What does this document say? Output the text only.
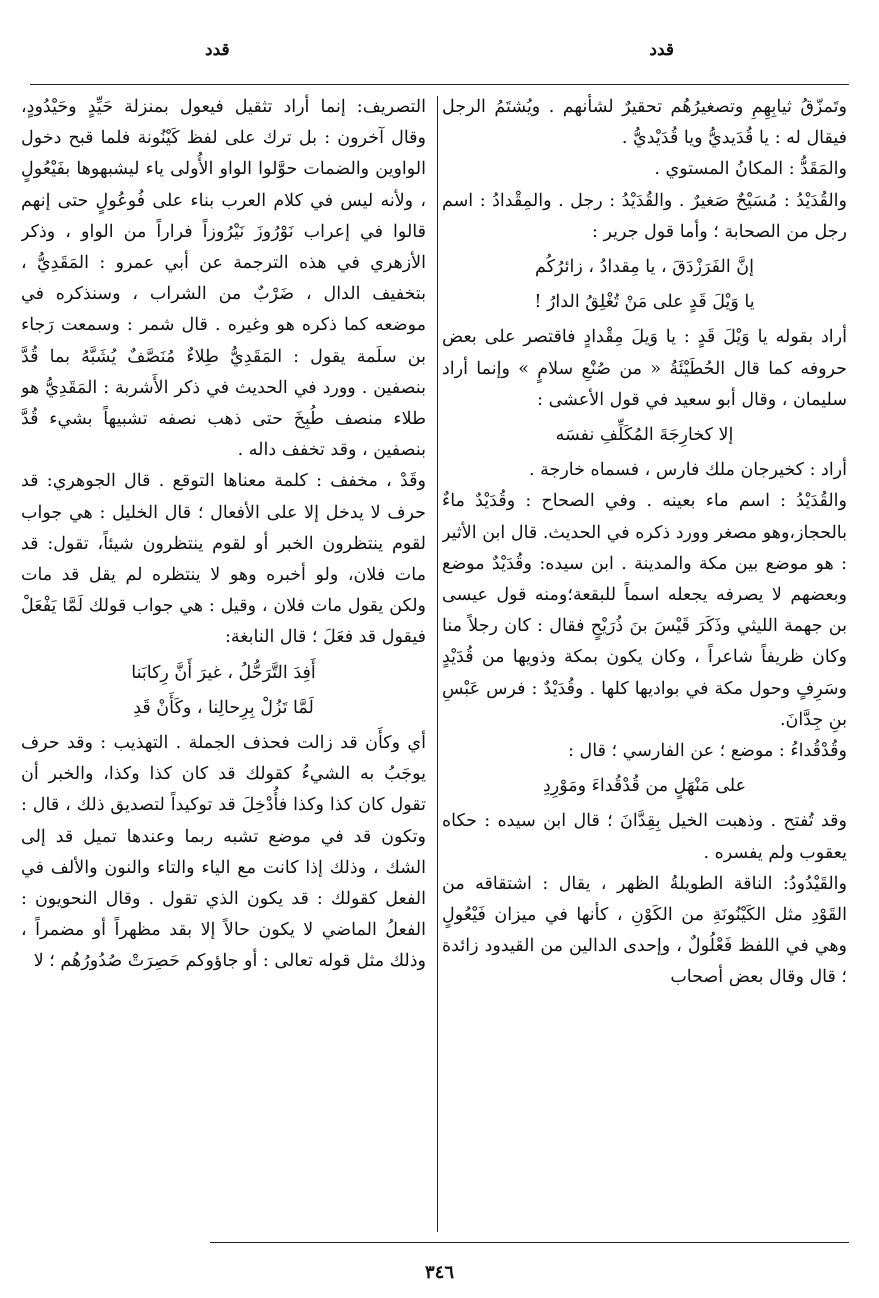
قدد
قدد

وتَمزّقُ ثيابِهِمِ وتصغيرُهُم تحقيرٌ لشأنهم . ويُشتَمُ الرجل فيقال له : يا قُدَيديُّ ويا قُدَيْديُّ .

والمَقَدُّ : المكانُ المستوي .

والقُدَيْدُ : مُسَيْحٌ صَغيرٌ . والقُدَيْدُ : رجل . والمِقْدادُ : اسم رجل من الصحابة ؛ وأما قول جرير :

إنَّ الفَرَزْدَقَ ، يا مِقدادُ ، زائرُكُم

يا وَيْلَ قَدٍ على مَنْ تُغْلِقُ الدارُ !

أراد بقوله يا وَيْلَ قَدٍ : يا وَيلَ مِقْدادٍ فاقتصر على بعض حروفه كما قال الحُطَيْئَةُ « من صُنْعِ سلامٍ » وإنما أراد سليمان ، وقال أبو سعيد في قول الأعشى :

إلا كخارِجَةَ المُكَلِّفِ نفسَه

أراد : كخيرجان ملك فارس ، فسماه خارجة .

والقُدَيْدُ : اسم ماء بعينه . وفي الصحاح : وقُدَيْدٌ ماءٌ بالحجاز،وهو مصغر وورد ذكره في الحديث. قال ابن الأثير : هو موضع بين مكة والمدينة . ابن سيده: وقُدَيْدٌ موضع وبعضهم لا يصرفه يجعله اسماً للبقعة؛ومنه قول عيسى بن جهمة الليثي وذَكَرَ قَيْسَ بنَ ذُرَيْحٍ فقال : كان رجلاً منا وكان ظريفاً شاعراً ، وكان يكون بمكة وذويها من قُدَيْدٍ وسَرِفٍ وحول مكة في بواديها كلها . وقُدَيْدٌ : فرس عَبْسِ بنِ جِدَّانَ.

وقُدْقُداءُ : موضع ؛ عن الفارسي ؛ قال :

على مَنْهَلٍ من قُدْقُداءَ ومَوْرِدِ

وقد تُفتح . وذهبت الخيل بِقِدَّانَ ؛ قال ابن سيده : حكاه يعقوب ولم يفسره .

والقَيْدُودُ: الناقة الطويلةُ الظهر ، يقال : اشتقاقه من القَوْدِ مثل الكَيْنُونَةِ من الكَوْنِ ، كأنها في ميزان فَيْعُولٍ وهي في اللفظ فَعْلُولٌ ، وإحدى الدالين من القيدود زائدة ؛ قال وقال بعض أصحاب

التصريف: إنما أراد تثقيل فيعول بمنزلة حَيِّدٍ وحَيْدُودٍ، وقال آخرون : بل ترك على لفظ كَيْنُونة فلما قبح دخول الواوين والضمات حوَّلوا الواو الأُولى ياء ليشبهوها بفَيْعُولٍ ، ولأنه ليس في كلام العرب بناء على فُوعُولٍ حتى إنهم قالوا في إعراب نَوْرُوزَ نَيْرُوزاً فراراً من الواو ، وذكر الأزهري في هذه الترجمة عن أبي عمرو : المَقَدِيُّ ، بتخفيف الدال ، ضَرْبٌ من الشراب ، وسنذكره في موضعه كما ذكره هو وغيره . قال شمر : وسمعت رَجاء بن سلَمة يقول : المَقَدِيُّ طِلاءٌ مُنَصَّفٌ يُشَبَّهُ بما قُدَّ بنصفين . وورد في الحديث في ذكر الأَشربة : المَقَدِيُّ هو طلاء منصف طُبِخَ حتى ذهب نصفه تشبيهاً بشيء قُدَّ بنصفين ، وقد تخفف داله .

وقَدْ ، مخفف : كلمة معناها التوقع . قال الجوهري: قد حرف لا يدخل إلا على الأفعال ؛ قال الخليل : هي جواب لقوم ينتظرون الخبر أو لقوم ينتظرون شيئاً، تقول: قد مات فلان، ولو أخبره وهو لا ينتظره لم يقل قد مات ولكن يقول مات فلان ، وقيل : هي جواب قولك لَمَّا يَفْعَلْ فيقول قد فعَلَ ؛ قال النابغة:

أَفِدَ التَّرَحُّلُ ، غيرَ أَنَّ رِكابَنا

لَمَّا تَزُلْ بِرِحالِنا ، وكَأَنْ قَدِ

أي وكأَن قد زالت فحذف الجملة . التهذيب : وقد حرف يوجَبُ به الشيءُ كقولك قد كان كذا وكذا، والخبر أن تقول كان كذا وكذا فأُدْخِلَ قد توكيداً لتصديق ذلك ، قال : وتكون قد في موضع تشبه ربما وعندها تميل قد إلى الشك ، وذلك إذا كانت مع الياء والتاء والنون والألف في الفعل كقولك : قد يكون الذي تقول . وقال النحويون : الفعلُ الماضي لا يكون حالاً إلا بقد مظهراً أو مضمراً ، وذلك مثل قوله تعالى : أو جاؤوكم حَصِرَتْ صُدُورُهُم ؛ لا

٣٤٦
